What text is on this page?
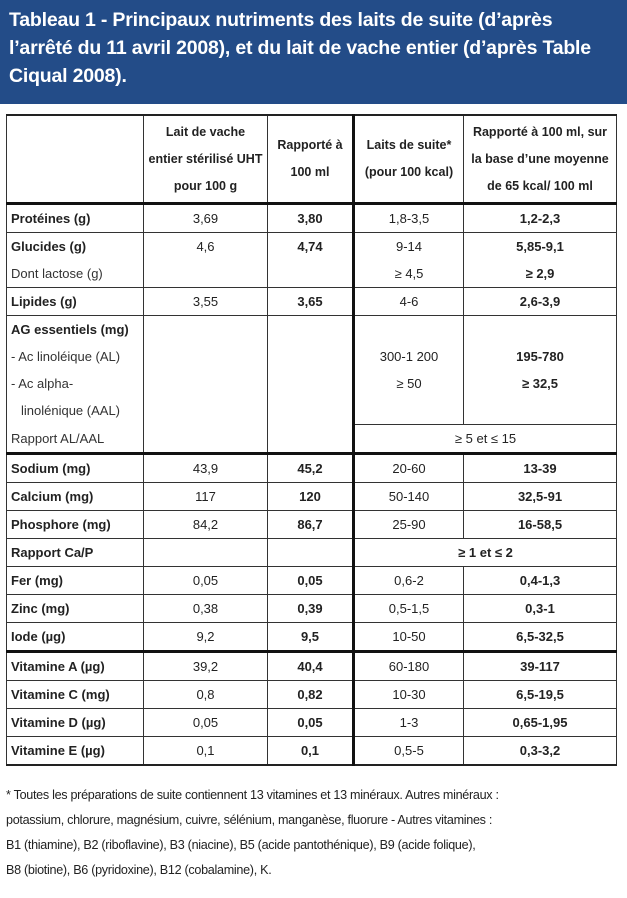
Tableau 1 - Principaux nutriments des laits de suite (d’après l’arrêté du 11 avril 2008), et du lait de vache entier (d’après Table Ciqual 2008).
	Lait de vache entier stérilisé UHT pour 100 g	Rapporté à 100 ml	Laits de suite* (pour 100 kcal)	Rapporté à 100 ml, sur la base d’une moyenne de 65 kcal/ 100 ml
Protéines (g)	3,69	3,80	1,8-3,5	1,2-2,3
Glucides (g)	4,6	4,74	9-14	5,85-9,1
Dont lactose (g)			≥ 4,5	≥ 2,9
Lipides (g)	3,55	3,65	4-6	2,6-3,9
AG essentiels (mg)				
- Ac linoléique (AL)			300-1 200	195-780
- Ac alpha-			≥ 50	≥ 32,5
linolénique (AAL)				
Rapport AL/AAL			≥ 5 et ≤ 15	
Sodium (mg)	43,9	45,2	20-60	13-39
Calcium (mg)	117	120	50-140	32,5-91
Phosphore (mg)	84,2	86,7	25-90	16-58,5
Rapport Ca/P			≥ 1 et ≤ 2	
Fer (mg)	0,05	0,05	0,6-2	0,4-1,3
Zinc (mg)	0,38	0,39	0,5-1,5	0,3-1
Iode (µg)	9,2	9,5	10-50	6,5-32,5
Vitamine A (µg)	39,2	40,4	60-180	39-117
Vitamine C (mg)	0,8	0,82	10-30	6,5-19,5
Vitamine D (µg)	0,05	0,05	1-3	0,65-1,95
Vitamine E (µg)	0,1	0,1	0,5-5	0,3-3,2
* Toutes les préparations de suite contiennent 13 vitamines et 13 minéraux. Autres minéraux :
potassium, chlorure, magnésium, cuivre, sélénium, manganèse, fluorure - Autres vitamines :
B1 (thiamine), B2 (riboflavine), B3 (niacine), B5 (acide pantothénique), B9 (acide folique),
B8 (biotine), B6 (pyridoxine), B12 (cobalamine), K.
